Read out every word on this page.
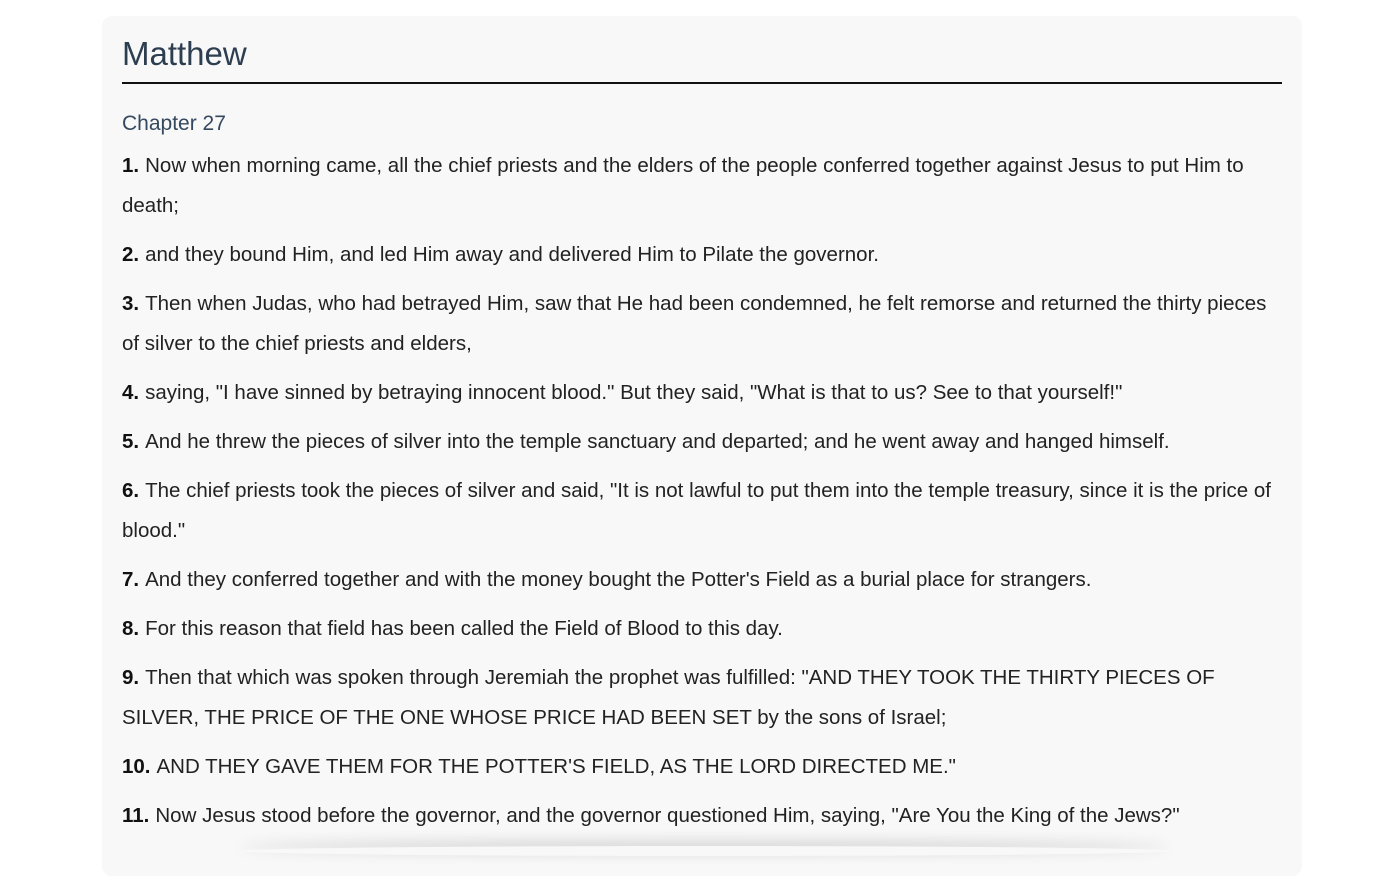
Matthew
Chapter 27

1. Now when morning came, all the chief priests and the elders of the people conferred together against Jesus to put Him to death;

2. and they bound Him, and led Him away and delivered Him to Pilate the governor.

3. Then when Judas, who had betrayed Him, saw that He had been condemned, he felt remorse and returned the thirty pieces of silver to the chief priests and elders,

4. saying, "I have sinned by betraying innocent blood." But they said, "What is that to us? See to that yourself!"

5. And he threw the pieces of silver into the temple sanctuary and departed; and he went away and hanged himself.

6. The chief priests took the pieces of silver and said, "It is not lawful to put them into the temple treasury, since it is the price of blood."

7. And they conferred together and with the money bought the Potter's Field as a burial place for strangers.

8. For this reason that field has been called the Field of Blood to this day.

9. Then that which was spoken through Jeremiah the prophet was fulfilled: "AND THEY TOOK THE THIRTY PIECES OF SILVER, THE PRICE OF THE ONE WHOSE PRICE HAD BEEN SET by the sons of Israel;

10. AND THEY GAVE THEM FOR THE POTTER'S FIELD, AS THE LORD DIRECTED ME."

11. Now Jesus stood before the governor, and the governor questioned Him, saying, "Are You the King of the Jews?"
